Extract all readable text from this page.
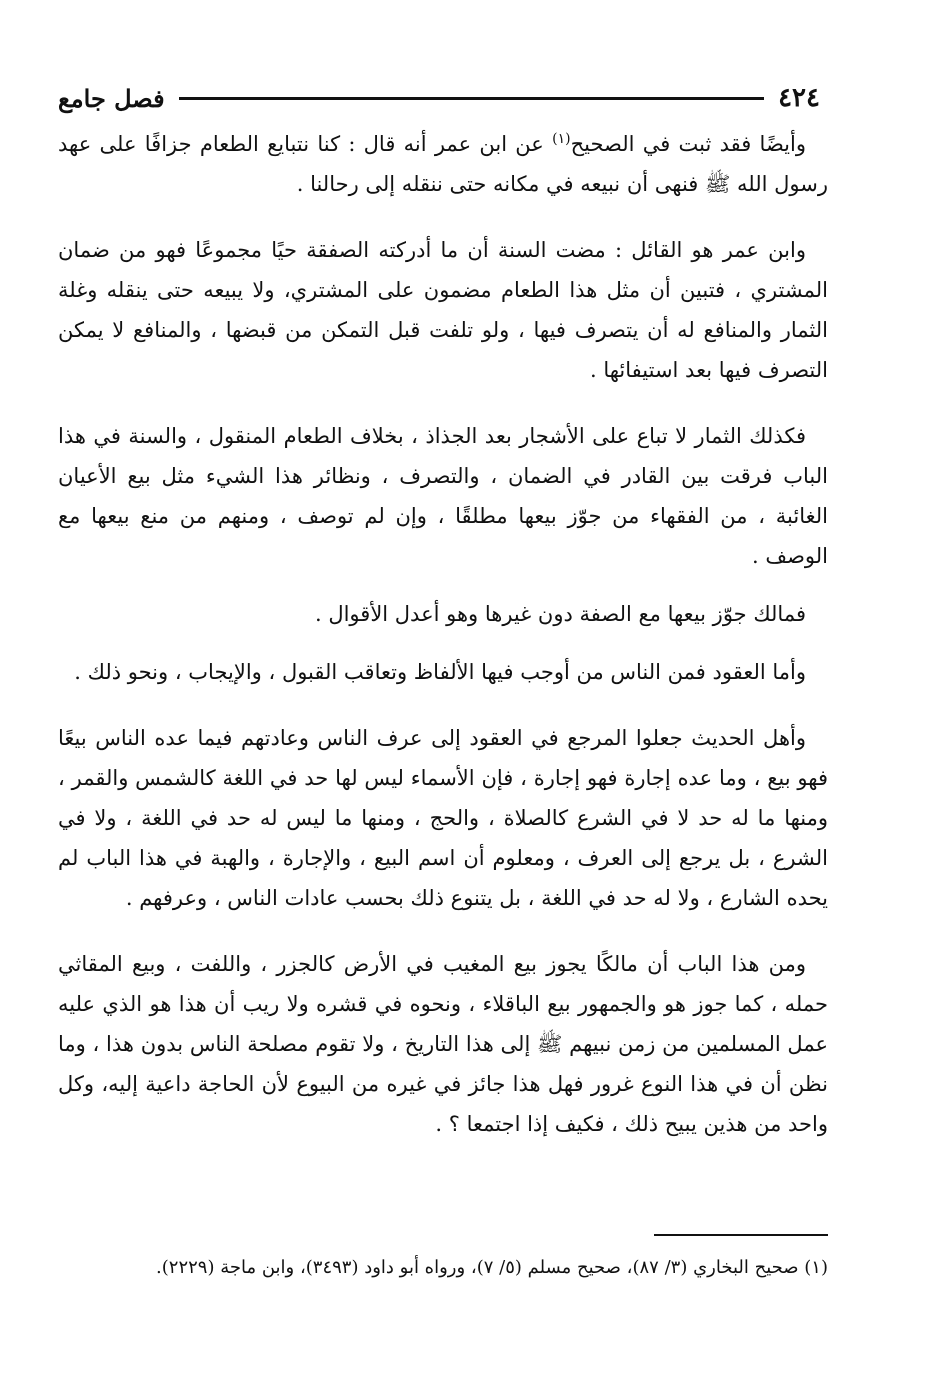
٤٢٤
فصل جامع

وأيضًا فقد ثبت في الصحيح$^{(١)}$ عن ابن عمر أنه قال : كنا نتبايع الطعام جزافًا على عهد رسول الله ﷺ فنهى أن نبيعه في مكانه حتى ننقله إلى رحالنا .

وابن عمر هو القائل : مضت السنة أن ما أدركته الصفقة حيًا مجموعًا فهو من ضمان المشتري ، فتبين أن مثل هذا الطعام مضمون على المشتري، ولا يبيعه حتى ينقله وغلة الثمار والمنافع له أن يتصرف فيها ، ولو تلفت قبل التمكن من قبضها ، والمنافع لا يمكن التصرف فيها بعد استيفائها .

فكذلك الثمار لا تباع على الأشجار بعد الجذاذ ، بخلاف الطعام المنقول ، والسنة في هذا الباب فرقت بين القادر في الضمان ، والتصرف ، ونظائر هذا الشيء مثل بيع الأعيان الغائبة ، من الفقهاء من جوّز بيعها مطلقًا ، وإن لم توصف ، ومنهم من منع بيعها مع الوصف .

فمالك جوّز بيعها مع الصفة دون غيرها وهو أعدل الأقوال .

وأما العقود فمن الناس من أوجب فيها الألفاظ وتعاقب القبول ، والإيجاب ، ونحو ذلك .

وأهل الحديث جعلوا المرجع في العقود إلى عرف الناس وعادتهم فيما عده الناس بيعًا فهو بيع ، وما عده إجارة فهو إجارة ، فإن الأسماء ليس لها حد في اللغة كالشمس والقمر ، ومنها ما له حد لا في الشرع كالصلاة ، والحج ، ومنها ما ليس له حد في اللغة ، ولا في الشرع ، بل يرجع إلى العرف ، ومعلوم أن اسم البيع ، والإجارة ، والهبة في هذا الباب لم يحده الشارع ، ولا له حد في اللغة ، بل يتنوع ذلك بحسب عادات الناس ، وعرفهم .

ومن هذا الباب أن مالكًا يجوز بيع المغيب في الأرض كالجزر ، واللفت ، وبيع المقاثي حمله ، كما جوز هو والجمهور بيع الباقلاء ، ونحوه في قشره ولا ريب أن هذا هو الذي عليه عمل المسلمين من زمن نبيهم ﷺ إلى هذا التاريخ ، ولا تقوم مصلحة الناس بدون هذا ، وما نظن أن في هذا النوع غرور فهل هذا جائز في غيره من البيوع لأن الحاجة داعية إليه، وكل واحد من هذين يبيح ذلك ، فكيف إذا اجتمعا ؟ .

(١) صحيح البخاري (٣/ ٨٧)، صحيح مسلم (٥/ ٧)، ورواه أبو داود (٣٤٩٣)، وابن ماجة (٢٢٢٩).
